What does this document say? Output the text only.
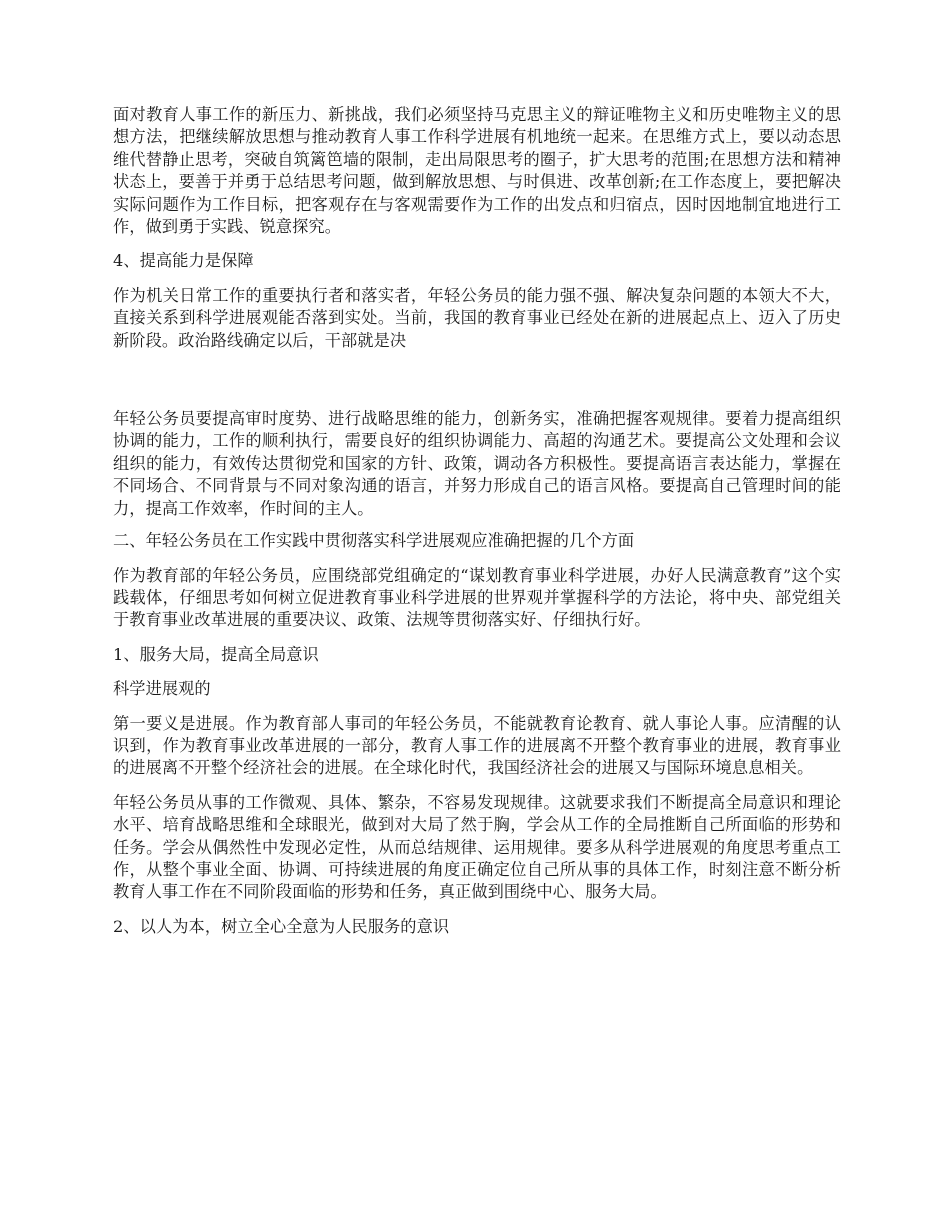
面对教育人事工作的新压力、新挑战，我们必须坚持马克思主义的辩证唯物主义和历史唯物主义的思想方法，把继续解放思想与推动教育人事工作科学进展有机地统一起来。在思维方式上，要以动态思维代替静止思考，突破自筑篱笆墙的限制，走出局限思考的圈子，扩大思考的范围;在思想方法和精神状态上，要善于并勇于总结思考问题，做到解放思想、与时俱进、改革创新;在工作态度上，要把解决实际问题作为工作目标，把客观存在与客观需要作为工作的出发点和归宿点，因时因地制宜地进行工作，做到勇于实践、锐意探究。

4、提高能力是保障

作为机关日常工作的重要执行者和落实者，年轻公务员的能力强不强、解决复杂问题的本领大不大，直接关系到科学进展观能否落到实处。当前，我国的教育事业已经处在新的进展起点上、迈入了历史新阶段。政治路线确定以后，干部就是决

年轻公务员要提高审时度势、进行战略思维的能力，创新务实，准确把握客观规律。要着力提高组织协调的能力，工作的顺利执行，需要良好的组织协调能力、高超的沟通艺术。要提高公文处理和会议组织的能力，有效传达贯彻党和国家的方针、政策，调动各方积极性。要提高语言表达能力，掌握在不同场合、不同背景与不同对象沟通的语言，并努力形成自己的语言风格。要提高自己管理时间的能力，提高工作效率，作时间的主人。

二、年轻公务员在工作实践中贯彻落实科学进展观应准确把握的几个方面

作为教育部的年轻公务员，应围绕部党组确定的“谋划教育事业科学进展，办好人民满意教育”这个实践载体，仔细思考如何树立促进教育事业科学进展的世界观并掌握科学的方法论，将中央、部党组关于教育事业改革进展的重要决议、政策、法规等贯彻落实好、仔细执行好。

1、服务大局，提高全局意识

科学进展观的

第一要义是进展。作为教育部人事司的年轻公务员，不能就教育论教育、就人事论人事。应清醒的认识到，作为教育事业改革进展的一部分，教育人事工作的进展离不开整个教育事业的进展，教育事业的进展离不开整个经济社会的进展。在全球化时代，我国经济社会的进展又与国际环境息息相关。

年轻公务员从事的工作微观、具体、繁杂，不容易发现规律。这就要求我们不断提高全局意识和理论水平、培育战略思维和全球眼光，做到对大局了然于胸，学会从工作的全局推断自己所面临的形势和任务。学会从偶然性中发现必定性，从而总结规律、运用规律。要多从科学进展观的角度思考重点工作，从整个事业全面、协调、可持续进展的角度正确定位自己所从事的具体工作，时刻注意不断分析教育人事工作在不同阶段面临的形势和任务，真正做到围绕中心、服务大局。

2、以人为本，树立全心全意为人民服务的意识
